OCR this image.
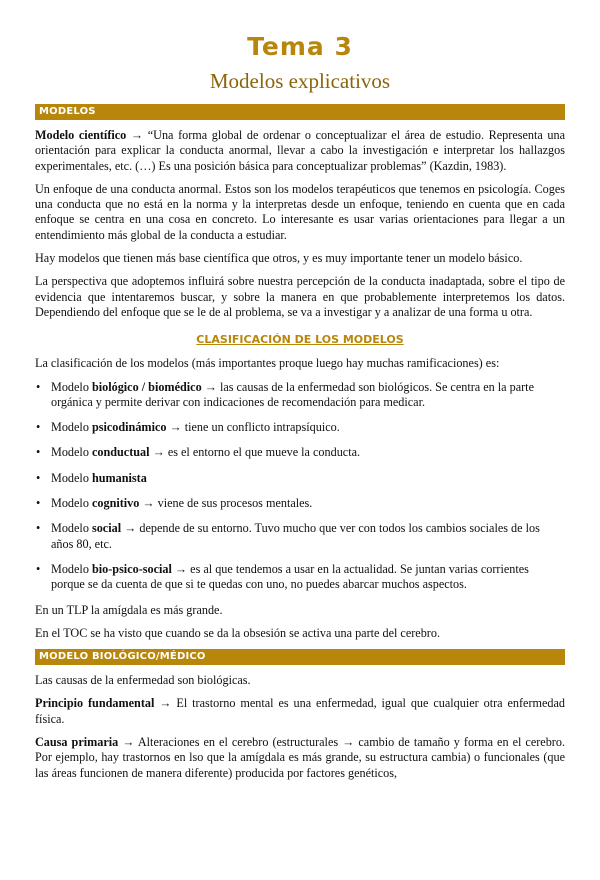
Tema 3
Modelos explicativos
MODELOS

Modelo científico → “Una forma global de ordenar o conceptualizar el área de estudio. Representa una orientación para explicar la conducta anormal, llevar a cabo la investigación e interpretar los hallazgos experimentales, etc. (…) Es una posición básica para conceptualizar problemas” (Kazdin, 1983).

Un enfoque de una conducta anormal. Estos son los modelos terapéuticos que tenemos en psicología. Coges una conducta que no está en la norma y la interpretas desde un enfoque, teniendo en cuenta que en cada enfoque se centra en una cosa en concreto. Lo interesante es usar varias orientaciones para llegar a un entendimiento más global de la conducta a estudiar.

Hay modelos que tienen más base científica que otros, y es muy importante tener un modelo básico.

La perspectiva que adoptemos influirá sobre nuestra percepción de la conducta inadaptada, sobre el tipo de evidencia que intentaremos buscar, y sobre la manera en que probablemente interpretemos los datos. Dependiendo del enfoque que se le de al problema, se va a investigar y a analizar de una forma u otra.

CLASIFICACIÓN DE LOS MODELOS

La clasificación de los modelos (más importantes proque luego hay muchas ramificaciones) es:

• Modelo biológico / biomédico → las causas de la enfermedad son biológicos. Se centra en la parte orgánica y permite derivar con indicaciones de recomendación para medicar.
• Modelo psicodinámico → tiene un conflicto intrapsíquico.
• Modelo conductual → es el entorno el que mueve la conducta.
• Modelo humanista
• Modelo cognitivo → viene de sus procesos mentales.
• Modelo social → depende de su entorno. Tuvo mucho que ver con todos los cambios sociales de los años 80, etc.
• Modelo bio-psico-social → es al que tendemos a usar en la actualidad. Se juntan varias corrientes porque se da cuenta de que si te quedas con uno, no puedes abarcar muchos aspectos.

En un TLP la amígdala es más grande.

En el TOC se ha visto que cuando se da la obsesión se activa una parte del cerebro.

MODELO BIOLÓGICO/MÉDICO

Las causas de la enfermedad son biológicas.

Principio fundamental → El trastorno mental es una enfermedad, igual que cualquier otra enfermedad física.

Causa primaria → Alteraciones en el cerebro (estructurales → cambio de tamaño y forma en el cerebro. Por ejemplo, hay trastornos en lso que la amígdala es más grande, su estructura cambia) o funcionales (que las áreas funcionen de manera diferente) producida por factores genéticos,
